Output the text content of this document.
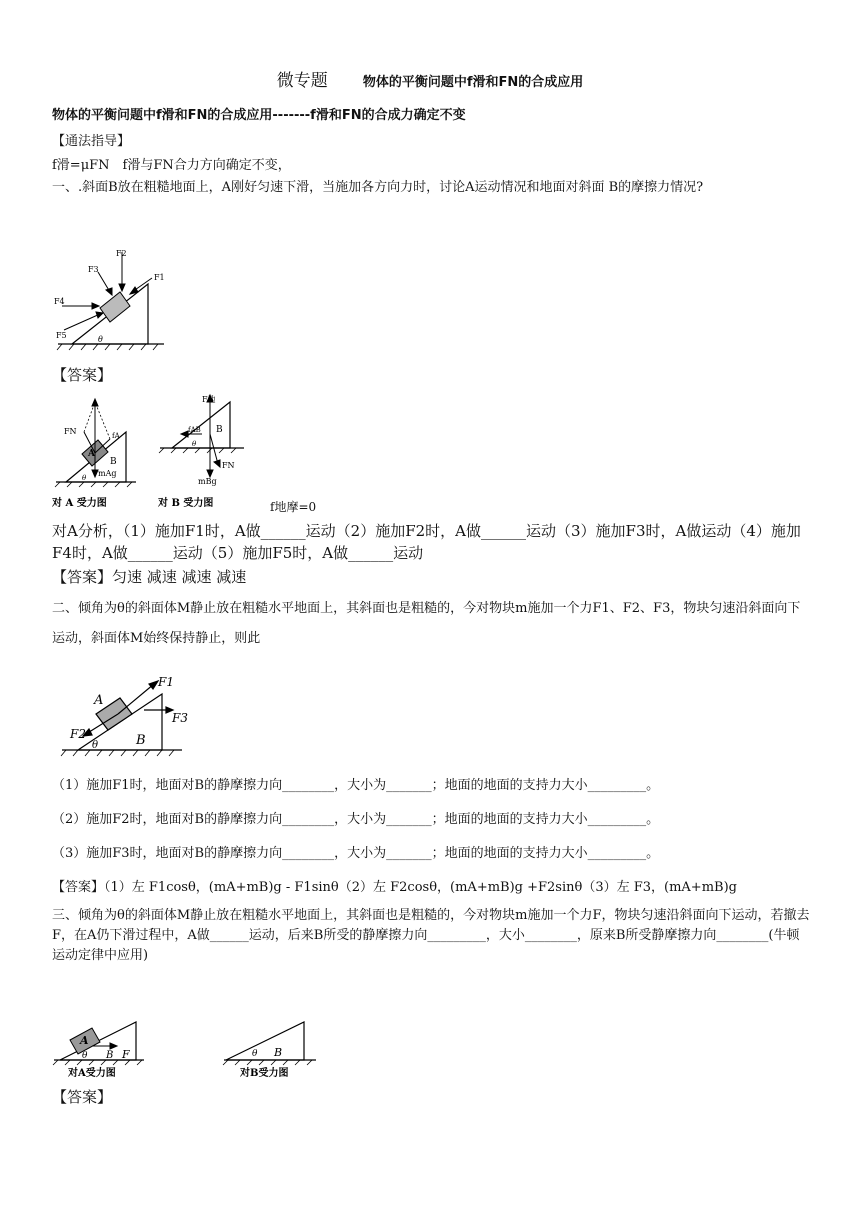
微专题	物体的平衡问题中f滑和FN的合成应用
物体的平衡问题中f滑和FN的合成应用-------f滑和FN的合成力确定不变
【通法指导】
f滑=μFN　f滑与FN合力方向确定不变，
一、.斜面B放在粗糙地面上，A刚好匀速下滑，当施加各方向力时，讨论A运动情况和地面对斜面 B的摩擦力情况?
F2
F3
F1
F4
F5	θ
【答案】
FN	fA
A
B
mAg
θ
对 A 受力图
F地
fAB B
FN
mBg
θ
对 B 受力图	f地摩=0
对A分析，（1）施加F1时，A做______运动（2）施加F2时，A做______运动（3）施加F3时，A做运动（4）施加F4时，A做______运动（5）施加F5时，A做______运动
【答案】匀速 减速 减速 减速
二、倾角为θ的斜面体M静止放在粗糙水平地面上，其斜面也是粗糙的，今对物块m施加一个力F1、F2、F3，物块匀速沿斜面向下运动，斜面体M始终保持静止，则此
A
F1
F3
F2
θ	B
（1）施加F1时，地面对B的静摩擦力向________，大小为_______；地面的地面的支持力大小_________。
（2）施加F2时，地面对B的静摩擦力向________，大小为_______；地面的地面的支持力大小_________。
（3）施加F3时，地面对B的静摩擦力向________，大小为_______；地面的地面的支持力大小_________。
【答案】（1）左 F1cosθ，(mA+mB)g - F1sinθ（2）左 F2cosθ，(mA+mB)g +F2sinθ（3）左 F3，(mA+mB)g
三、倾角为θ的斜面体M静止放在粗糙水平地面上，其斜面也是粗糙的，今对物块m施加一个力F，物块匀速沿斜面向下运动，若撤去F，在A仍下滑过程中，A做______运动，后来B所受的静摩擦力向_________，大小________，原来B所受静摩擦力向________(牛顿运动定律中应用)
A
F
B
θ
对A受力图
B
θ
对B受力图
【答案】
